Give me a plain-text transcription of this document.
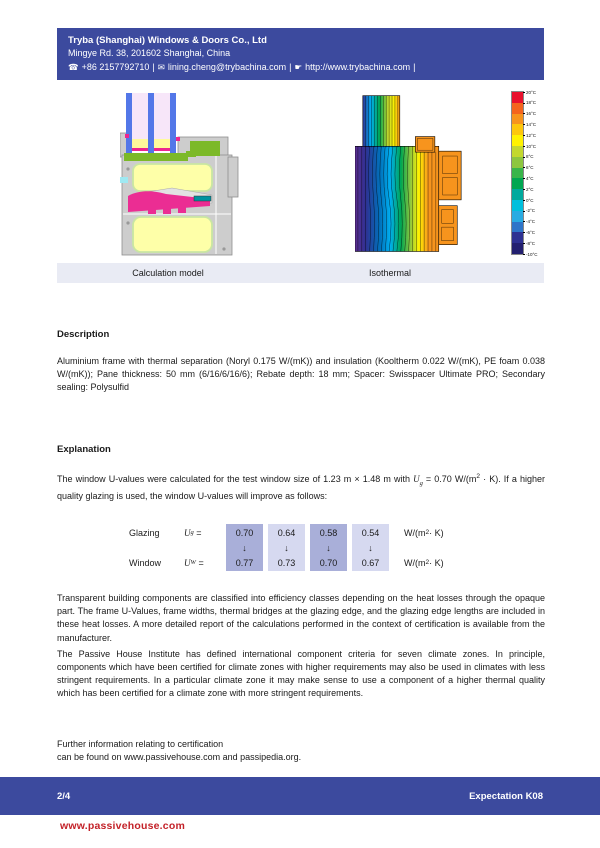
Tryba (Shanghai) Windows & Doors Co., Ltd
Mingye Rd. 38, 201602 Shanghai, China
☎ +86 2157792710 | ✉ lining.cheng@trybachina.com | ☛ http://www.trybachina.com |
20°C
18°C
16°C
14°C
12°C
10°C
8°C
6°C
4°C
2°C
0°C
-2°C
-4°C
-6°C
-8°C
-10°C
Calculation model	Isothermal
Description

Aluminium frame with thermal separation (Noryl 0.175 W/(mK)) and insulation (Kooltherm 0.022 W/(mK), PE foam 0.038 W/(mK)); Pane thickness: 50 mm (6/16/6/16/6); Rebate depth: 18 mm; Spacer: Swisspacer Ultimate PRO; Secondary sealing: Polysulfid

Explanation

The window U-values were calculated for the test window size of 1.23 m × 1.48 m with $U_g = 0.70$ $W/(m^2 \cdot K)$. If a higher quality glazing is used, the window U-values will improve as follows:

Glazing
Window
U g
=
U W
=
0.70
↓
0.77
0.64
↓
0.73
0.58
↓
0.70
0.54
↓
0.67
W/(m 2 · K)
W/(m 2 · K)

Transparent building components are classified into efficiency classes depending on the heat losses through the opaque part. The frame U-Values, frame widths, thermal bridges at the glazing edge, and the glazing edge lengths are included in these heat losses. A more detailed report of the calculations performed in the context of certification is available from the manufacturer.

The Passive House Institute has defined international component criteria for seven climate zones. In principle, components which have been certified for climate zones with higher requirements may also be used in climates with less stringent requirements. In a particular climate zone it may make sense to use a component of a higher thermal quality which has been certified for a climate zone with more stringent requirements.

Further information relating to certification
can be found on www.passivehouse.com and passipedia.org.
2/4	Expectation K08
www.passivehouse.com
